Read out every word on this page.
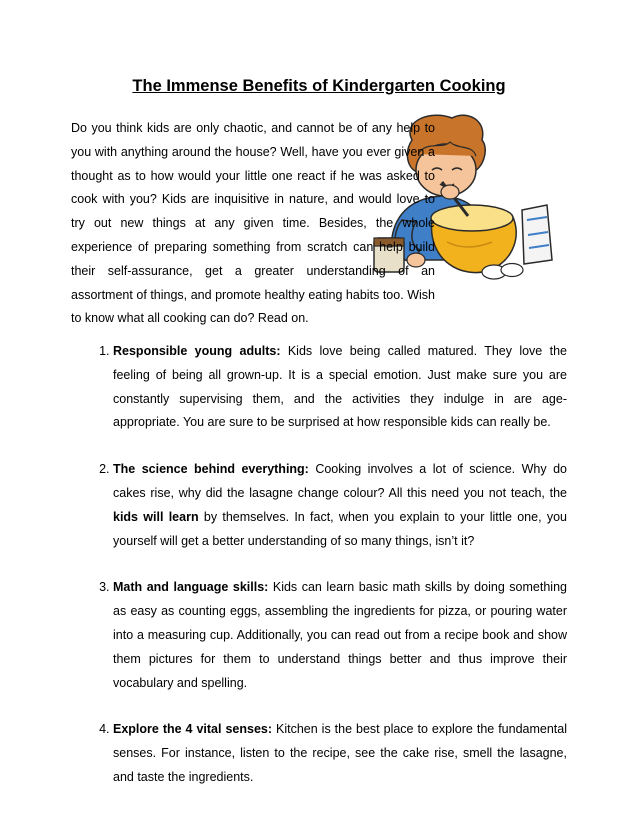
The Immense Benefits of Kindergarten Cooking

Do you think kids are only chaotic, and cannot be of any help to you with anything around the house? Well, have you ever given a thought as to how would your little one react if he was asked to cook with you? Kids are inquisitive in nature, and would love to try out new things at any given time. Besides, the whole experience of preparing something from scratch can help build their self-assurance, get a greater understanding of an assortment of things, and promote healthy eating habits too. Wish to know what all cooking can do? Read on.

1. Responsible young adults: Kids love being called matured. They love the feeling of being all grown-up. It is a special emotion. Just make sure you are constantly supervising them, and the activities they indulge in are age-appropriate. You are sure to be surprised at how responsible kids can really be.
2. The science behind everything: Cooking involves a lot of science. Why do cakes rise, why did the lasagne change colour? All this need you not teach, the kids will learn by themselves. In fact, when you explain to your little one, you yourself will get a better understanding of so many things, isn’t it?
3. Math and language skills: Kids can learn basic math skills by doing something as easy as counting eggs, assembling the ingredients for pizza, or pouring water into a measuring cup. Additionally, you can read out from a recipe book and show them pictures for them to understand things better and thus improve their vocabulary and spelling.
4. Explore the 4 vital senses: Kitchen is the best place to explore the fundamental senses. For instance, listen to the recipe, see the cake rise, smell the lasagne, and taste the ingredients.
